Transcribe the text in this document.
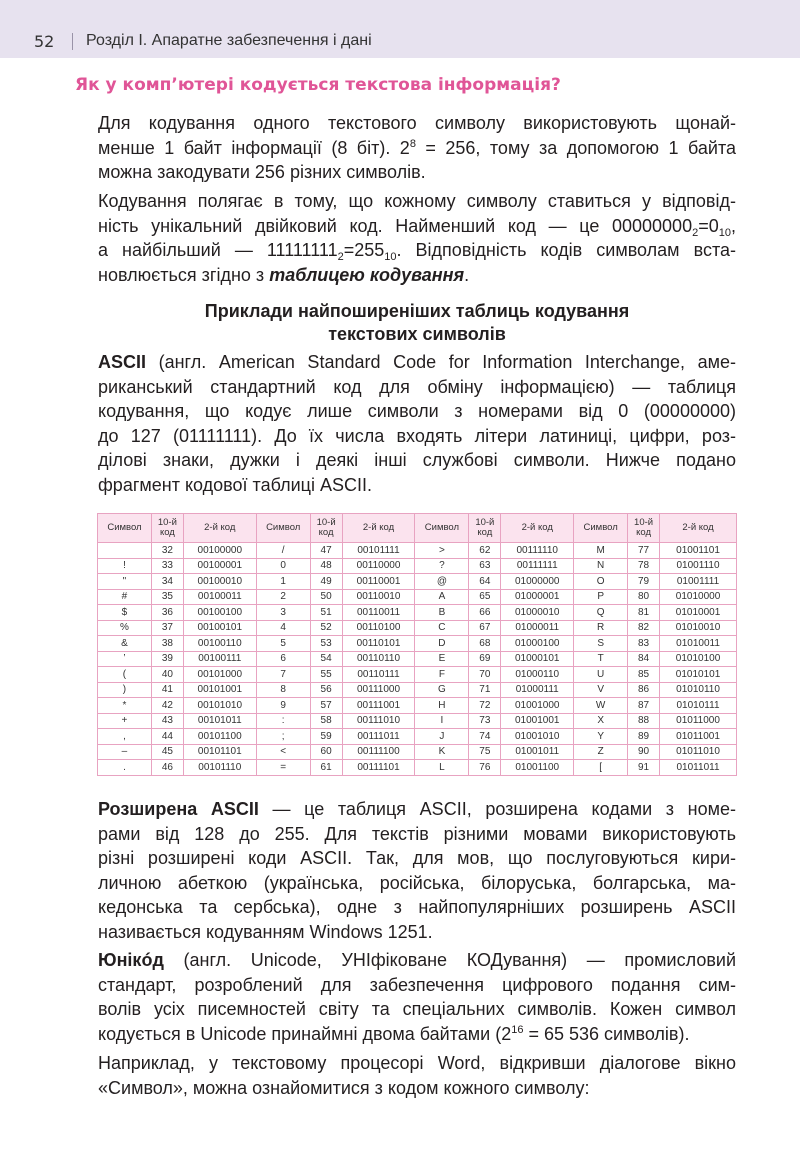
52 Розділ І. Апаратне забезпечення і дані
Як у комп’ютері кодується текстова інформація?
Для кодування одного текстового символу використовують щонай-
менше 1 байт інформації (8 біт). $2^8 = 256$, тому за допомогою 1 байта
можна закодувати 256 різних символів.
Кодування полягає в тому, що кожному символу ставиться у відповід-
ність унікальний двійковий код. Найменший код — це $00000000_2=0_{10}$,
а найбільший — $11111111_2=255_{10}$. Відповідність кодів символам вста-
новлюється згідно з таблицею кодування.
Приклади найпоширеніших таблиць кодування
текстових символів
ASCII (англ. American Standard Code for Information Interchange, аме-
риканський стандартний код для обміну інформацією) — таблиця
кодування, що кодує лише символи з номерами від 0 (00000000)
до 127 (01111111). До їх числа входять літери латиниці, цифри, роз-
ділові знаки, дужки і деякі інші службові символи. Нижче подано
фрагмент кодової таблиці ASCII.
Символ	10-й код	2-й код	Символ	10-й код	2-й код	Символ	10-й код	2-й код	Символ	10-й код	2-й код
	32	00100000	/	47	00101111	>	62	00111110	M	77	01001101
!	33	00100001	0	48	00110000	?	63	00111111	N	78	01001110
"	34	00100010	1	49	00110001	@	64	01000000	O	79	01001111
#	35	00100011	2	50	00110010	A	65	01000001	P	80	01010000
$	36	00100100	3	51	00110011	B	66	01000010	Q	81	01010001
%	37	00100101	4	52	00110100	C	67	01000011	R	82	01010010
&	38	00100110	5	53	00110101	D	68	01000100	S	83	01010011
’	39	00100111	6	54	00110110	E	69	01000101	T	84	01010100
(	40	00101000	7	55	00110111	F	70	01000110	U	85	01010101
)	41	00101001	8	56	00111000	G	71	01000111	V	86	01010110
*	42	00101010	9	57	00111001	H	72	01001000	W	87	01010111
+	43	00101011	:	58	00111010	I	73	01001001	X	88	01011000
,	44	00101100	;	59	00111011	J	74	01001010	Y	89	01011001
–	45	00101101	<	60	00111100	K	75	01001011	Z	90	01011010
.	46	00101110	=	61	00111101	L	76	01001100	[	91	01011011
Розширена ASCII — це таблиця ASCII, розширена кодами з номе-
рами від 128 до 255. Для текстів різними мовами використовують
різні розширені коди ASCII. Так, для мов, що послуговуються кири-
личною абеткою (українська, російська, білоруська, болгарська, ма-
кедонська та сербська), одне з найпопулярніших розширень ASCII
називається кодуванням Windows 1251.
Юнікóд (англ. Unicode, УНІфіковане КОДування) — промисловий
стандарт, розроблений для забезпечення цифрового подання сим-
волів усіх писемностей світу та спеціальних символів. Кожен символ
кодується в Unicode принаймні двома байтами ($2^{16} = 65$ 536 символів).
Наприклад, у текстовому процесорі Word, відкривши діалогове вікно
«Символ», можна ознайомитися з кодом кожного символу:
